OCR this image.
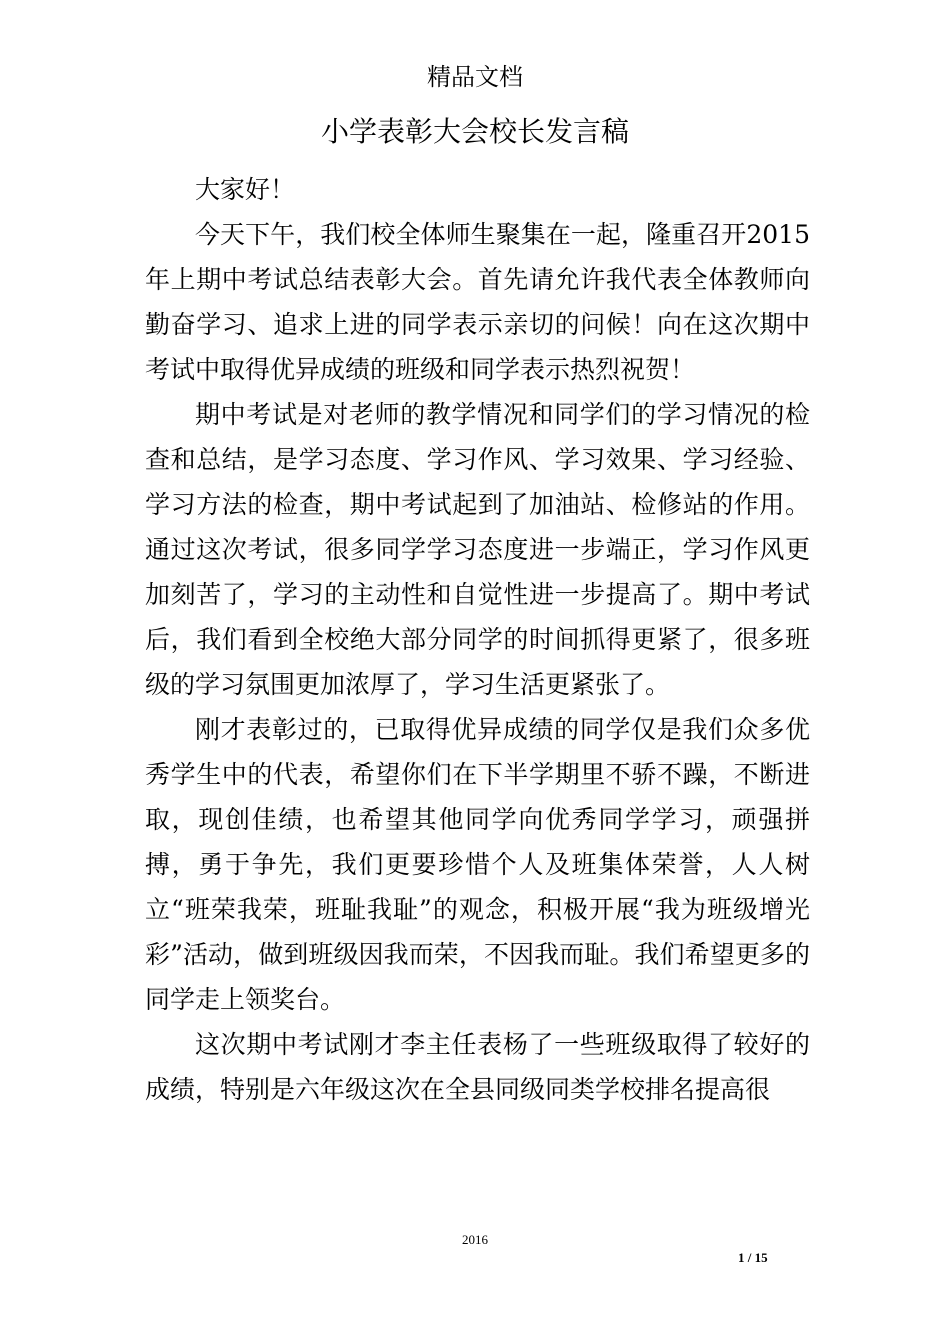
精品文档
小学表彰大会校长发言稿

大家好！

今天下午，我们校全体师生聚集在一起，隆重召开2015年上期中考试总结表彰大会。首先请允许我代表全体教师向勤奋学习、追求上进的同学表示亲切的问候！向在这次期中考试中取得优异成绩的班级和同学表示热烈祝贺！

期中考试是对老师的教学情况和同学们的学习情况的检查和总结，是学习态度、学习作风、学习效果、学习经验、学习方法的检查，期中考试起到了加油站、检修站的作用。通过这次考试，很多同学学习态度进一步端正，学习作风更加刻苦了，学习的主动性和自觉性进一步提高了。期中考试后，我们看到全校绝大部分同学的时间抓得更紧了，很多班级的学习氛围更加浓厚了，学习生活更紧张了。

刚才表彰过的，已取得优异成绩的同学仅是我们众多优秀学生中的代表，希望你们在下半学期里不骄不躁，不断进取，现创佳绩，也希望其他同学向优秀同学学习，顽强拼搏，勇于争先，我们更要珍惜个人及班集体荣誉，人人树立“班荣我荣，班耻我耻”的观念，积极开展“我为班级增光彩”活动，做到班级因我而荣，不因我而耻。我们希望更多的同学走上领奖台。

这次期中考试刚才李主任表杨了一些班级取得了较好的成绩，特别是六年级这次在全县同级同类学校排名提高很

2016
1 / 15
